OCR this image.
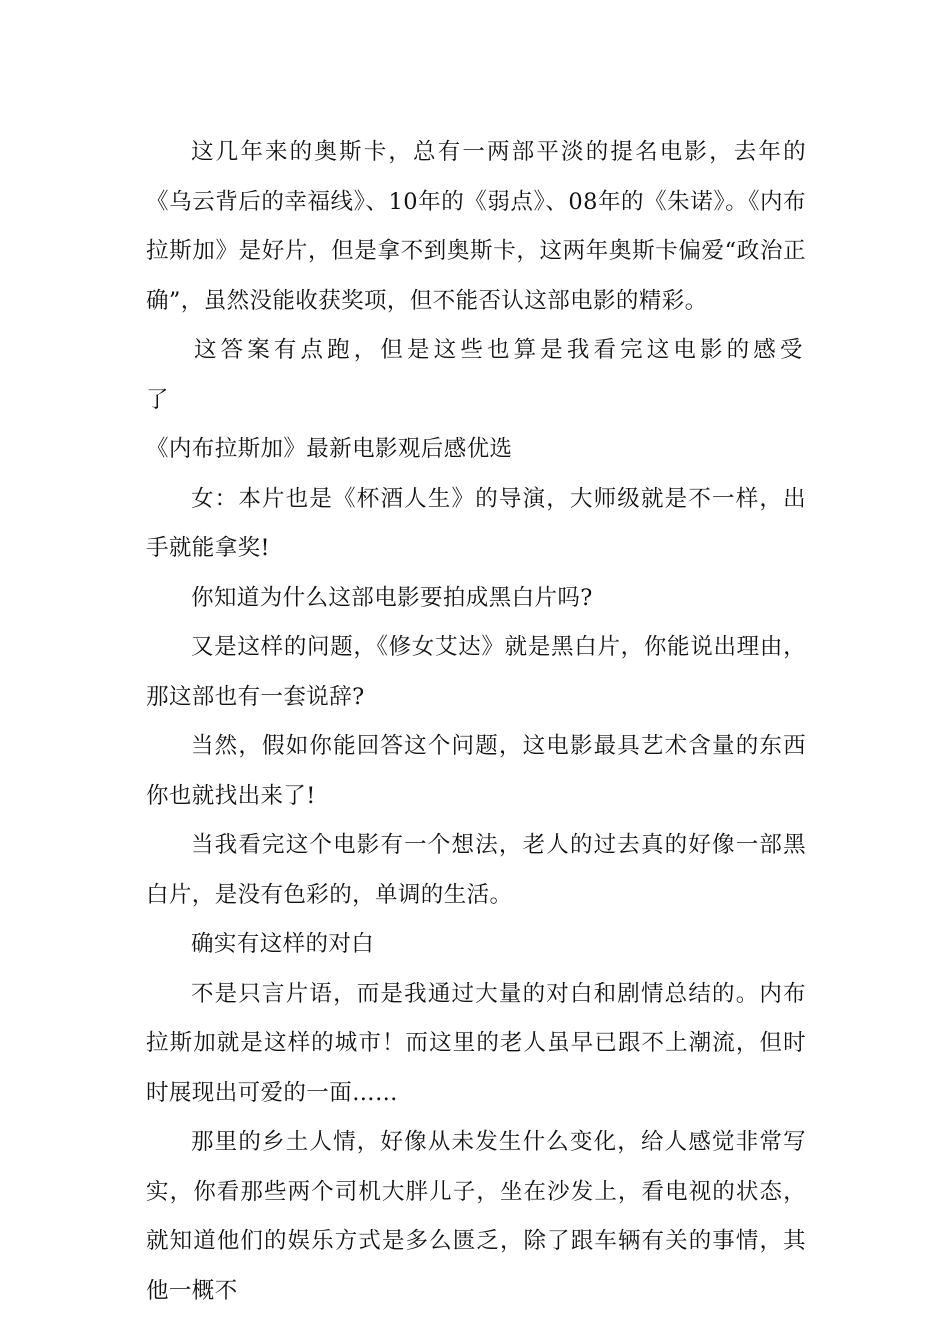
这几年来的奥斯卡，总有一两部平淡的提名电影，去年的《乌云背后的幸福线》、10年的《弱点》、08年的《朱诺》。《内布拉斯加》是好片，但是拿不到奥斯卡，这两年奥斯卡偏爱“政治正确”，虽然没能收获奖项，但不能否认这部电影的精彩。

这答案有点跑，但是这些也算是我看完这电影的感受了

《内布拉斯加》最新电影观后感优选

女：本片也是《杯酒人生》的导演，大师级就是不一样，出手就能拿奖!

你知道为什么这部电影要拍成黑白片吗?

又是这样的问题，《修女艾达》就是黑白片，你能说出理由，那这部也有一套说辞?

当然，假如你能回答这个问题，这电影最具艺术含量的东西你也就找出来了!

当我看完这个电影有一个想法，老人的过去真的好像一部黑白片，是没有色彩的，单调的生活。

确实有这样的对白

不是只言片语，而是我通过大量的对白和剧情总结的。内布拉斯加就是这样的城市！而这里的老人虽早已跟不上潮流，但时时展现出可爱的一面……

那里的乡土人情，好像从未发生什么变化，给人感觉非常写实，你看那些两个司机大胖儿子，坐在沙发上，看电视的状态，就知道他们的娱乐方式是多么匮乏，除了跟车辆有关的事情，其他一概不
